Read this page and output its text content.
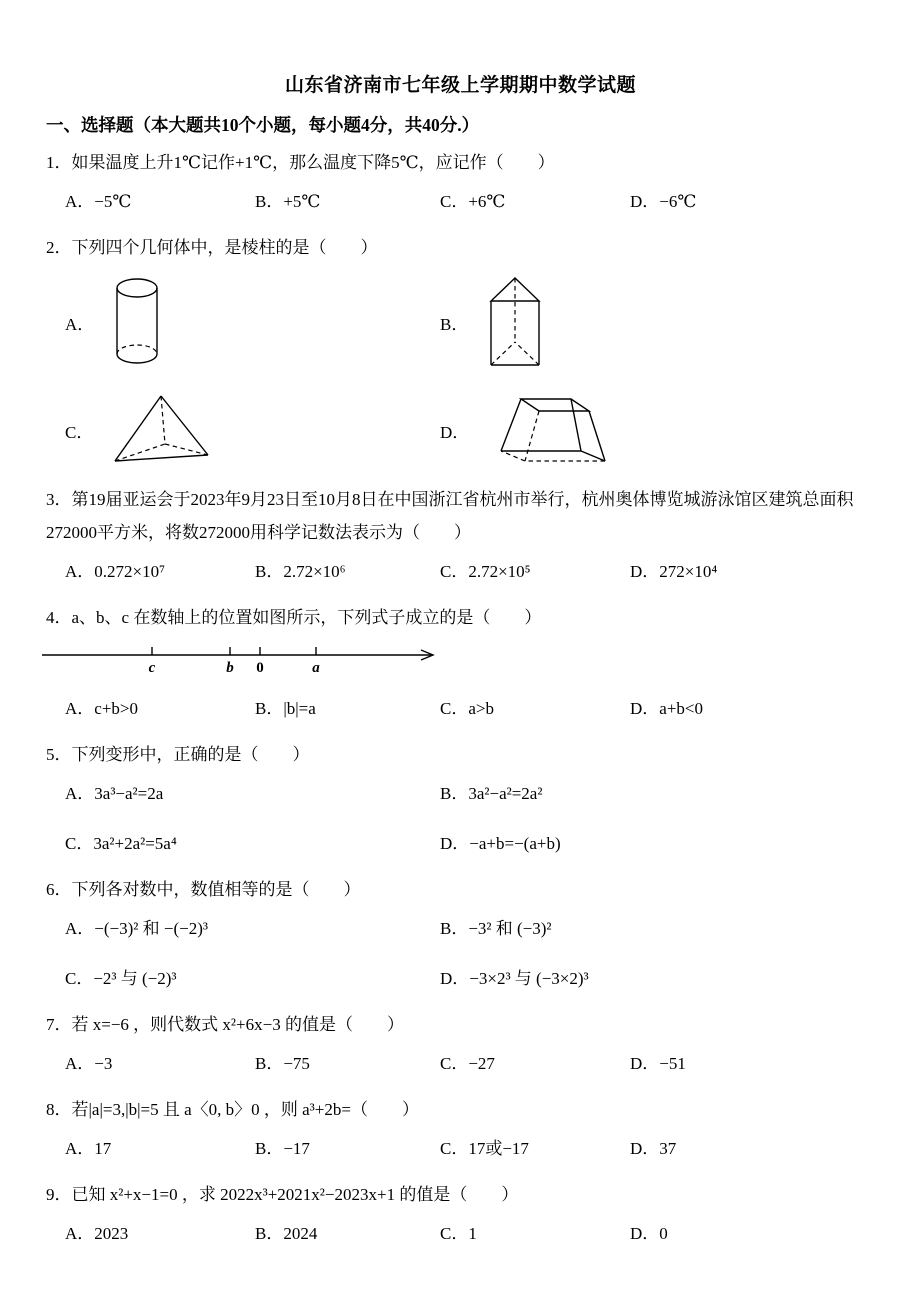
山东省济南市七年级上学期期中数学试题
一、选择题（本大题共10个小题，每小题4分，共40分.）
1．如果温度上升1℃记作+1℃，那么温度下降5℃，应记作（　　）
A．−5℃	B．+5℃	C．+6℃	D．−6℃
2．下列四个几何体中，是棱柱的是（　　）
A．	B．
C．	D．
3．第19届亚运会于2023年9月23日至10月8日在中国浙江省杭州市举行，杭州奥体博览城游泳馆区建筑总面积272000平方米，将数272000用科学记数法表示为（　　）
A．0.272×10⁷	B．2.72×10⁶	C．2.72×10⁵	D．272×10⁴
4．a、b、c 在数轴上的位置如图所示，下列式子成立的是（　　）
c	b 0	a
A．c+b>0	B．|b|=a	C．a>b	D．a+b<0
5．下列变形中，正确的是（　　）
A．3a³−a²=2a	B．3a²−a²=2a²
C．3a²+2a²=5a⁴	D．−a+b=−(a+b)
6．下列各对数中，数值相等的是（　　）
A．−(−3)² 和 −(−2)³	B．−3² 和 (−3)²
C．−2³ 与 (−2)³	D．−3×2³ 与 (−3×2)³
7．若 x=−6 ，则代数式 x²+6x−3 的值是（　　）
A．−3	B．−75	C．−27	D．−51
8．若|a|=3,|b|=5 且 a〈0, b〉0 ，则 a³+2b=（　　）
A．17	B．−17	C．17或−17	D．37
9．已知 x²+x−1=0 ，求 2022x³+2021x²−2023x+1 的值是（　　）
A．2023	B．2024	C．1	D．0
